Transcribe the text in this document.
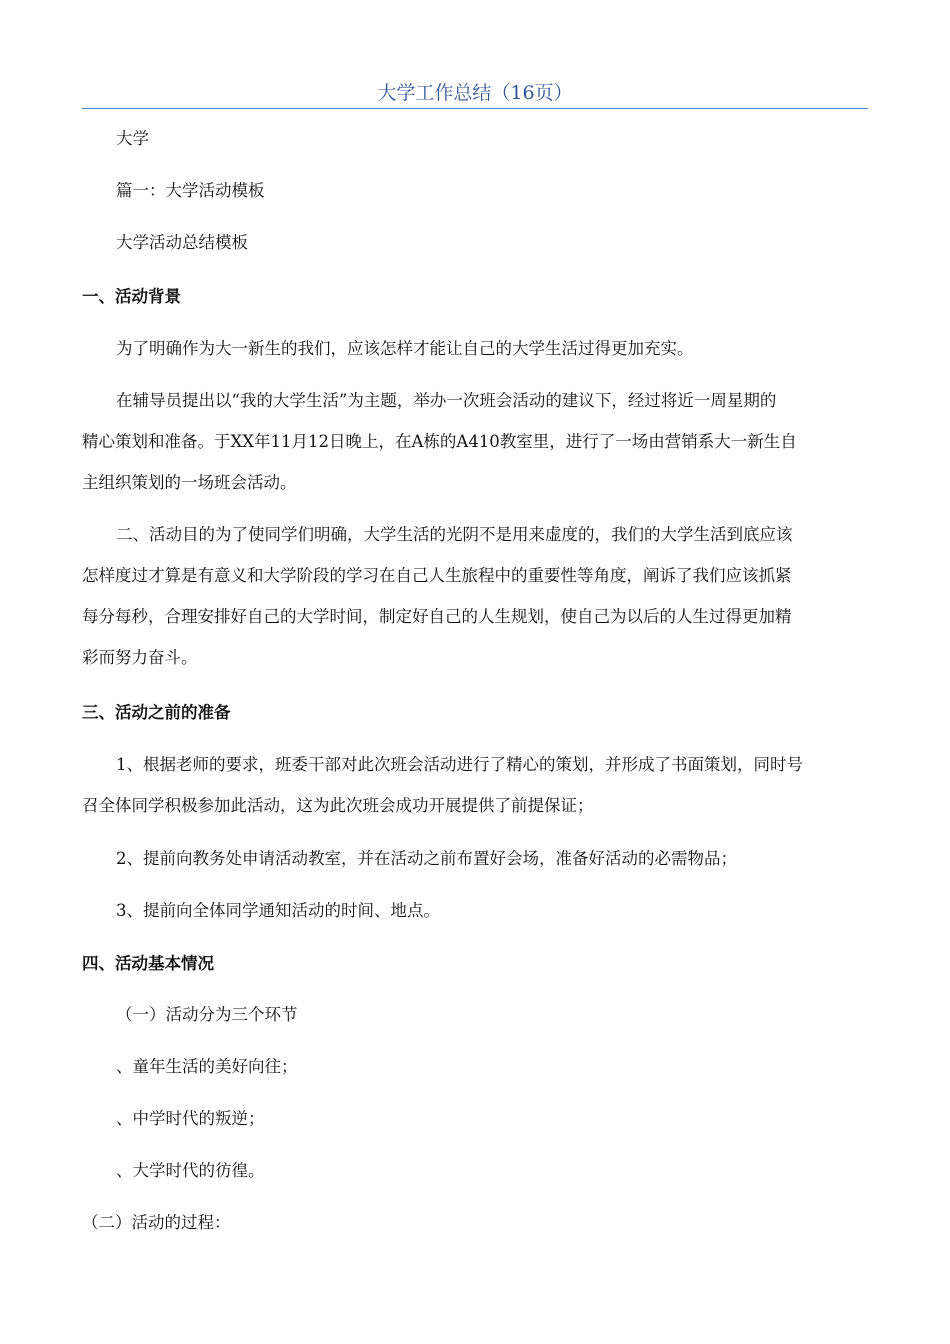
大学工作总结（16页）

大学

篇一：大学活动模板

大学活动总结模板

一、活动背景

为了明确作为大一新生的我们，应该怎样才能让自己的大学生活过得更加充实。

在辅导员提出以“我的大学生活”为主题，举办一次班会活动的建议下，经过将近一周星期的

精心策划和准备。于XX年11月12日晚上，在A栋的A410教室里，进行了一场由营销系大一新生自

主组织策划的一场班会活动。

二、活动目的为了使同学们明确，大学生活的光阴不是用来虚度的，我们的大学生活到底应该

怎样度过才算是有意义和大学阶段的学习在自己人生旅程中的重要性等角度，阐诉了我们应该抓紧

每分每秒，合理安排好自己的大学时间，制定好自己的人生规划，使自己为以后的人生过得更加精

彩而努力奋斗。

三、活动之前的准备

1、根据老师的要求，班委干部对此次班会活动进行了精心的策划，并形成了书面策划，同时号

召全体同学积极参加此活动，这为此次班会成功开展提供了前提保证；

2、提前向教务处申请活动教室，并在活动之前布置好会场，准备好活动的必需物品；

3、提前向全体同学通知活动的时间、地点。

四、活动基本情况

（一）活动分为三个环节

、童年生活的美好向往；

、中学时代的叛逆；

、大学时代的彷徨。

（二）活动的过程：
